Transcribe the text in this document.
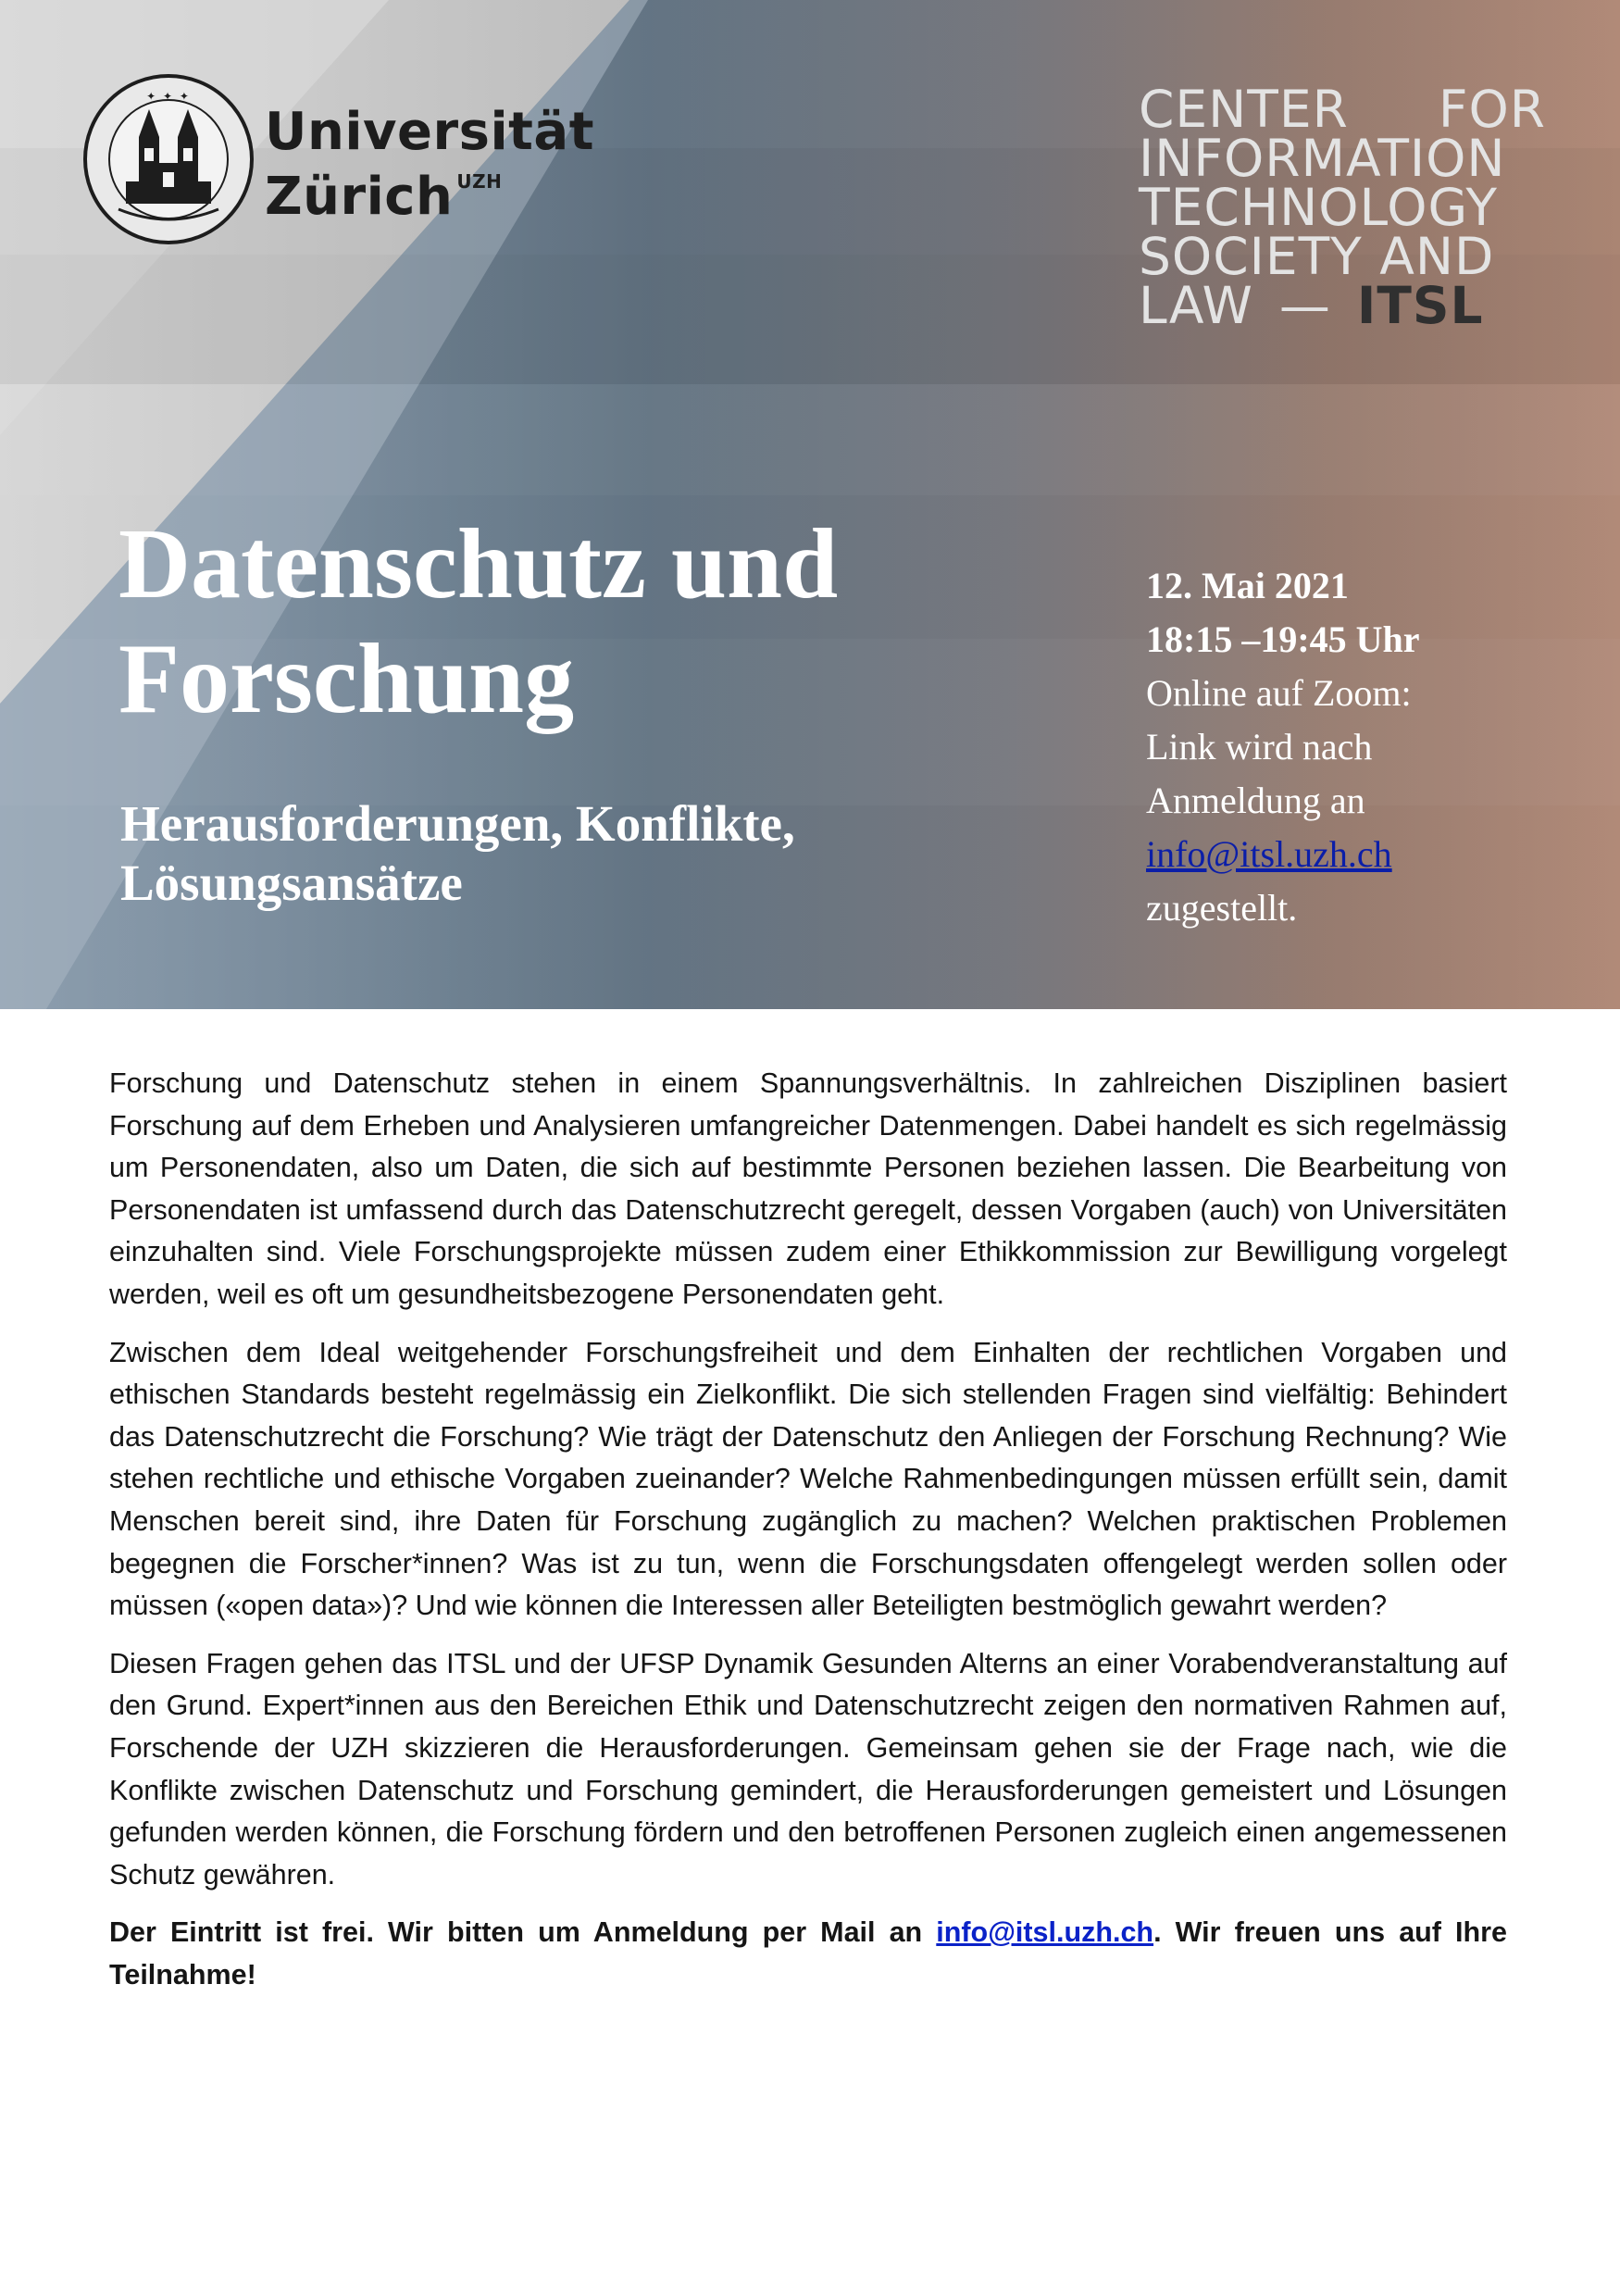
✦ ✦ ✦
Universität
Zürich $^{UZH}$
CENTER FOR
INFORMATION
TECHNOLOGY
SOCIETY AND
LAW — ITSL
Datenschutz und
Forschung
Herausforderungen, Konflikte,
Lösungsansätze
12. Mai 2021
18:15 –19:45 Uhr
Online auf Zoom:
Link wird nach
Anmeldung an
info@itsl.uzh.ch
zugestellt.

Forschung und Datenschutz stehen in einem Spannungsverhältnis. In zahlreichen Disziplinen basiert Forschung auf dem Erheben und Analysieren umfangreicher Datenmengen. Dabei handelt es sich regelmässig um Personendaten, also um Daten, die sich auf bestimmte Personen beziehen lassen. Die Bearbeitung von Personendaten ist umfassend durch das Datenschutzrecht geregelt, dessen Vorgaben (auch) von Universitäten einzuhalten sind. Viele Forschungsprojekte müssen zudem einer Ethikkommission zur Bewilligung vorgelegt werden, weil es oft um gesundheitsbezogene Personendaten geht.

Zwischen dem Ideal weitgehender Forschungsfreiheit und dem Einhalten der rechtlichen Vorgaben und ethischen Standards besteht regelmässig ein Zielkonflikt. Die sich stellenden Fragen sind vielfältig: Behindert das Datenschutzrecht die Forschung? Wie trägt der Datenschutz den Anliegen der Forschung Rechnung? Wie stehen rechtliche und ethische Vorgaben zueinander? Welche Rahmenbedingungen müssen erfüllt sein, damit Menschen bereit sind, ihre Daten für Forschung zugänglich zu machen? Welchen praktischen Problemen begegnen die Forscher*innen? Was ist zu tun, wenn die Forschungsdaten offengelegt werden sollen oder müssen («open data»)? Und wie können die Interessen aller Beteiligten bestmöglich gewahrt werden?

Diesen Fragen gehen das ITSL und der UFSP Dynamik Gesunden Alterns an einer Vorabendveranstaltung auf den Grund. Expert*innen aus den Bereichen Ethik und Datenschutzrecht zeigen den normativen Rahmen auf, Forschende der UZH skizzieren die Herausforderungen. Gemeinsam gehen sie der Frage nach, wie die Konflikte zwischen Datenschutz und Forschung gemindert, die Herausforderungen gemeistert und Lösungen gefunden werden können, die Forschung fördern und den betroffenen Personen zugleich einen angemessenen Schutz gewähren.

Der Eintritt ist frei. Wir bitten um Anmeldung per Mail an info@itsl.uzh.ch. Wir freuen uns auf Ihre Teilnahme!
